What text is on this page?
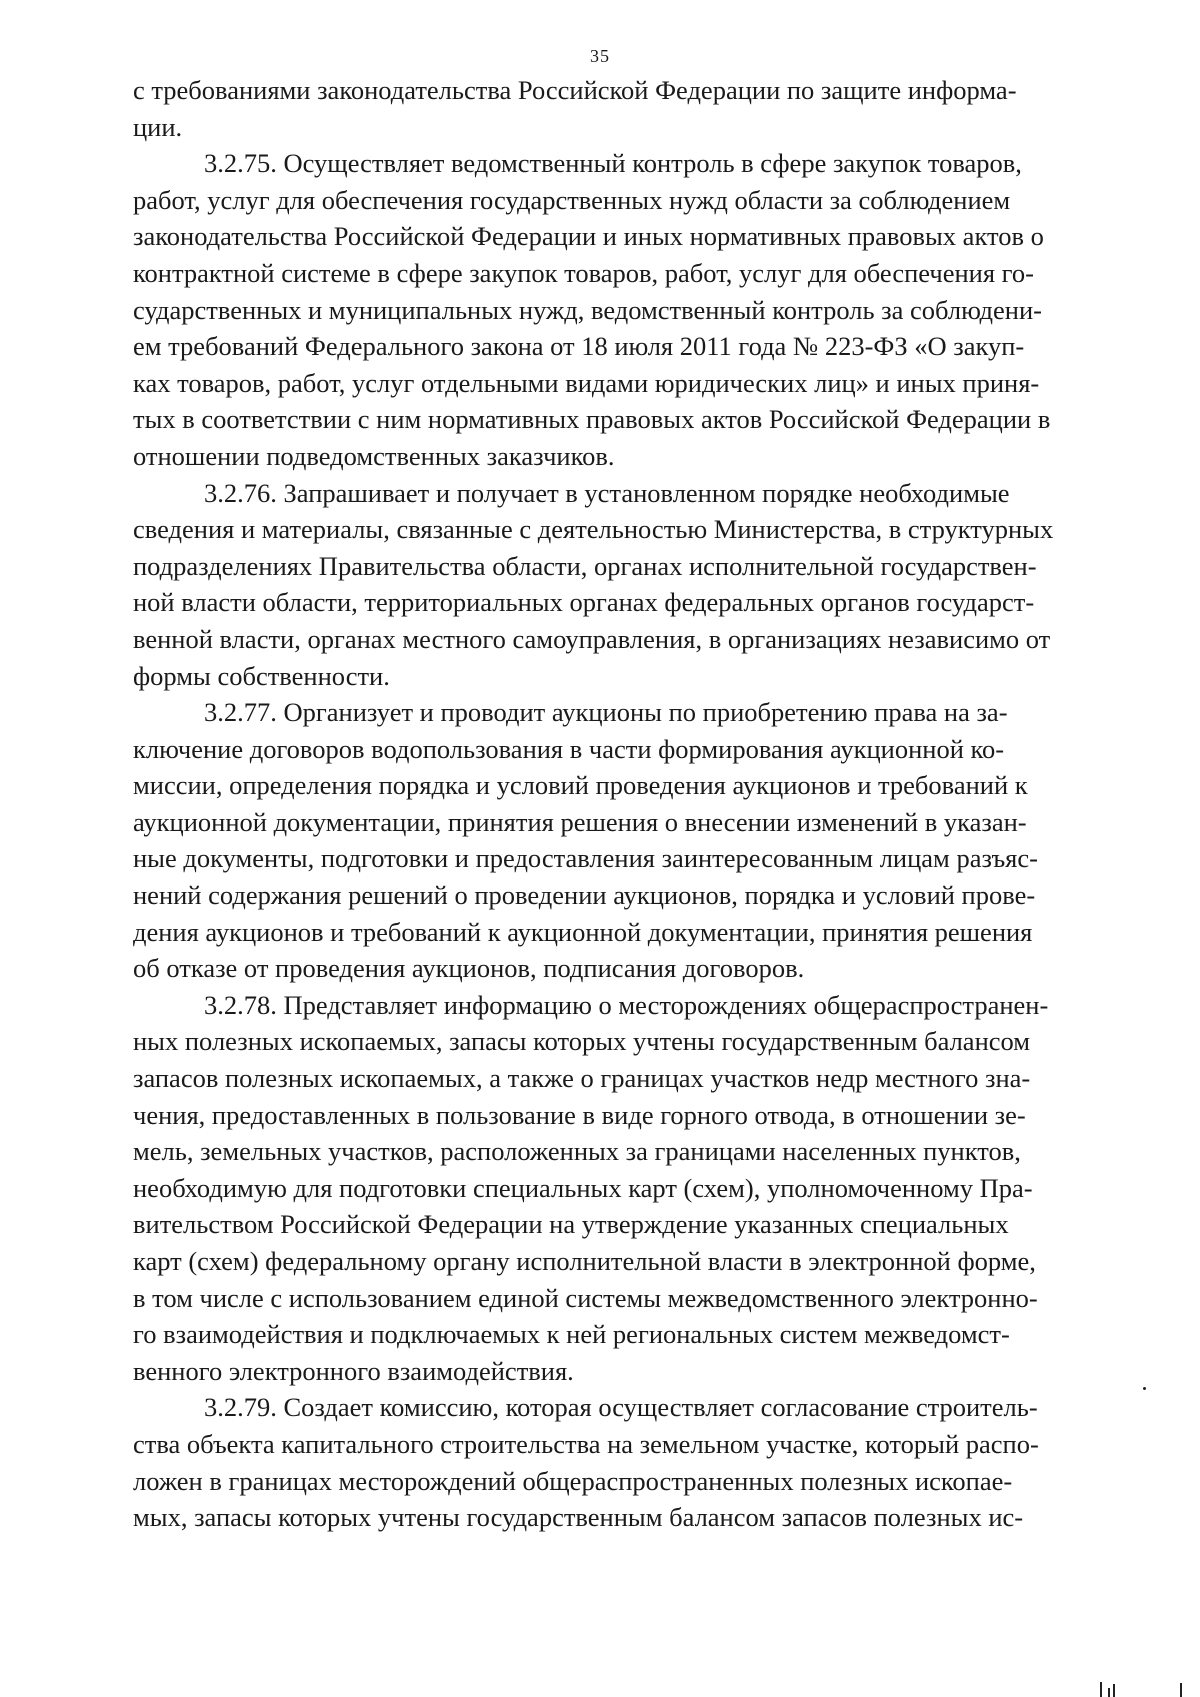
35
с требованиями законодательства Российской Федерации по защите информа-
ции.
3.2.75. Осуществляет ведомственный контроль в сфере закупок товаров,
работ, услуг для обеспечения государственных нужд области за соблюдением
законодательства Российской Федерации и иных нормативных правовых актов о
контрактной системе в сфере закупок товаров, работ, услуг для обеспечения го-
сударственных и муниципальных нужд, ведомственный контроль за соблюдени-
ем требований Федерального закона от 18 июля 2011 года № 223-ФЗ «О закуп-
ках товаров, работ, услуг отдельными видами юридических лиц» и иных приня-
тых в соответствии с ним нормативных правовых актов Российской Федерации в
отношении подведомственных заказчиков.
3.2.76. Запрашивает и получает в установленном порядке необходимые
сведения и материалы, связанные с деятельностью Министерства, в структурных
подразделениях Правительства области, органах исполнительной государствен-
ной власти области, территориальных органах федеральных органов государст-
венной власти, органах местного самоуправления, в организациях независимо от
формы собственности.
3.2.77. Организует и проводит аукционы по приобретению права на за-
ключение договоров водопользования в части формирования аукционной ко-
миссии, определения порядка и условий проведения аукционов и требований к
аукционной документации, принятия решения о внесении изменений в указан-
ные документы, подготовки и предоставления заинтересованным лицам разъяс-
нений содержания решений о проведении аукционов, порядка и условий прове-
дения аукционов и требований к аукционной документации, принятия решения
об отказе от проведения аукционов, подписания договоров.
3.2.78. Представляет информацию о месторождениях общераспространен-
ных полезных ископаемых, запасы которых учтены государственным балансом
запасов полезных ископаемых, а также о границах участков недр местного зна-
чения, предоставленных в пользование в виде горного отвода, в отношении зе-
мель, земельных участков, расположенных за границами населенных пунктов,
необходимую для подготовки специальных карт (схем), уполномоченному Пра-
вительством Российской Федерации на утверждение указанных специальных
карт (схем) федеральному органу исполнительной власти в электронной форме,
в том числе с использованием единой системы межведомственного электронно-
го взаимодействия и подключаемых к ней региональных систем межведомст-
венного электронного взаимодействия.
3.2.79. Создает комиссию, которая осуществляет согласование строитель-
ства объекта капитального строительства на земельном участке, который распо-
ложен в границах месторождений общераспространенных полезных ископае-
мых, запасы которых учтены государственным балансом запасов полезных ис-
